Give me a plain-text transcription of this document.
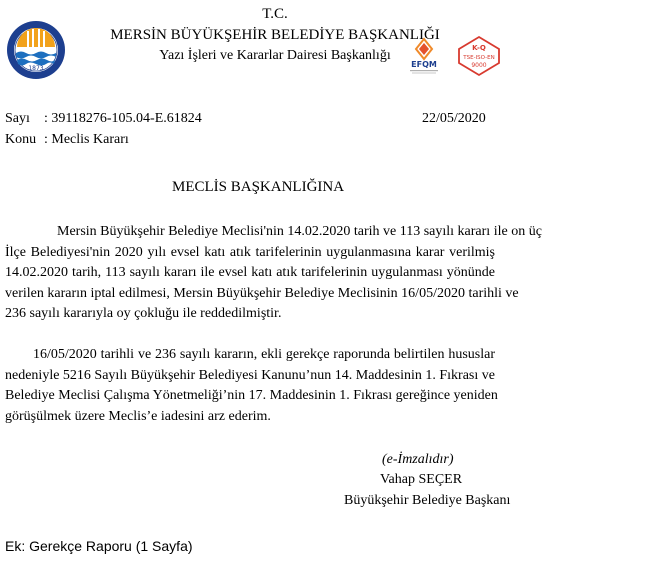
1873
T.C.
MERSİN BÜYÜKŞEHİR BELEDİYE BAŞKANLIĞI
Yazı İşleri ve Kararlar Dairesi Başkanlığı
EFQM
K-Q
TSE-ISO-EN
9000
Sayı : 39118276-105.04-E.61824	22/05/2020
Konu : Meclis Kararı
MECLİS BAŞKANLIĞINA
Mersin Büyükşehir Belediye Meclisi'nin 14.02.2020 tarih ve 113 sayılı kararı ile on üç
İlçe Belediyesi'nin 2020 yılı evsel katı atık tarifelerinin uygulanmasına karar verilmiş
14.02.2020 tarih, 113 sayılı kararı ile evsel katı atık tarifelerinin uygulanması yönünde
verilen kararın iptal edilmesi, Mersin Büyükşehir Belediye Meclisinin 16/05/2020 tarihli ve
236 sayılı kararıyla oy çokluğu ile reddedilmiştir.
16/05/2020 tarihli ve 236 sayılı kararın, ekli gerekçe raporunda belirtilen hususlar
nedeniyle 5216 Sayılı Büyükşehir Belediyesi Kanunu’nun 14. Maddesinin 1. Fıkrası ve
Belediye Meclisi Çalışma Yönetmeliği’nin 17. Maddesinin 1. Fıkrası gereğince yeniden
görüşülmek üzere Meclis’e iadesini arz ederim.
(e-İmzalıdır)
Vahap SEÇER
Büyükşehir Belediye Başkanı
Ek: Gerekçe Raporu (1 Sayfa)
